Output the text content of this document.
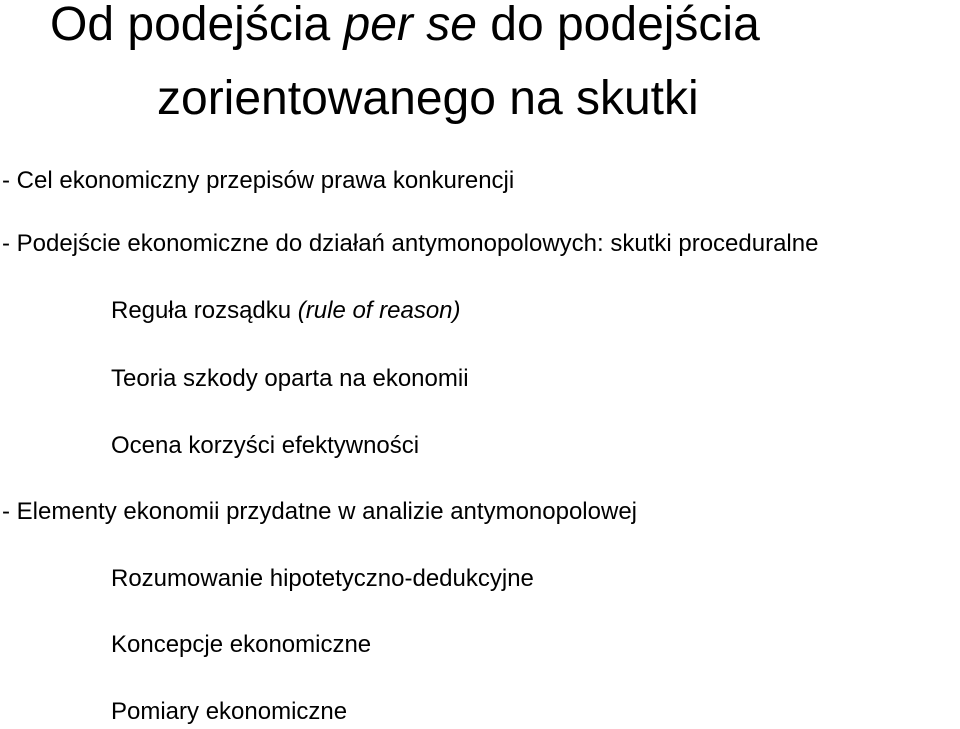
Od podejścia per se do podejścia
zorientowanego na skutki
- Cel ekonomiczny przepisów prawa konkurencji
- Podejście ekonomiczne do działań antymonopolowych: skutki proceduralne
Reguła rozsądku (rule of reason)
Teoria szkody oparta na ekonomii
Ocena korzyści efektywności
- Elementy ekonomii przydatne w analizie antymonopolowej
Rozumowanie hipotetyczno-dedukcyjne
Koncepcje ekonomiczne
Pomiary ekonomiczne
